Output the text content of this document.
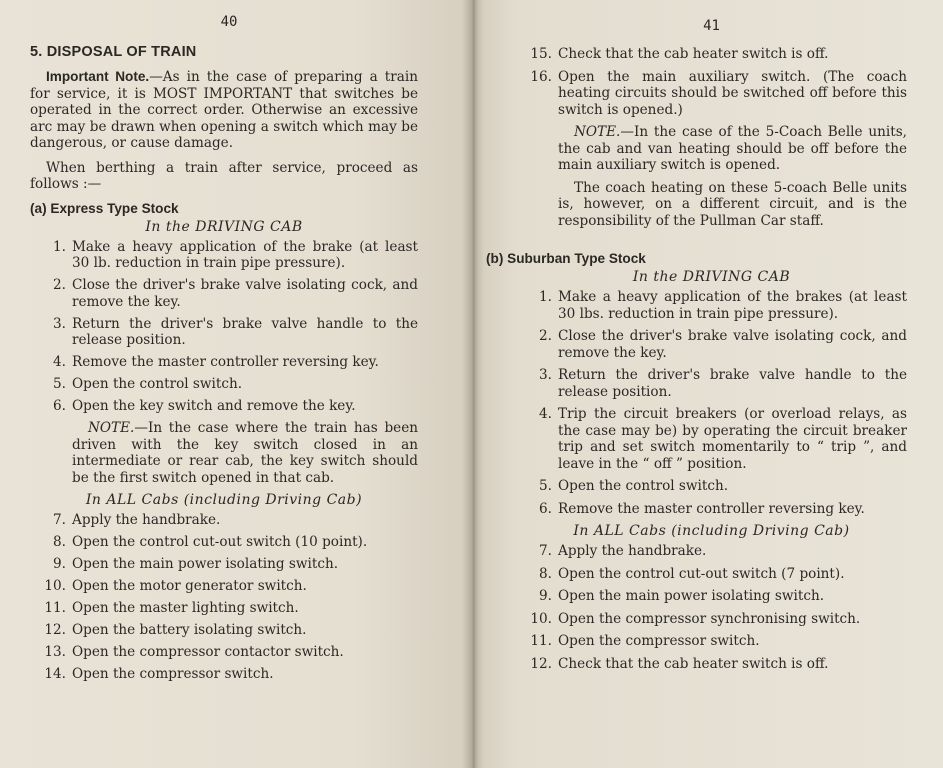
40
5. DISPOSAL OF TRAIN

Important Note.—As in the case of preparing a train for service, it is MOST IMPORTANT that switches be operated in the correct order. Otherwise an excessive arc may be drawn when opening a switch which may be dangerous, or cause damage.

When berthing a train after service, proceed as follows :—

(a) Express Type Stock
In the DRIVING CAB
1. Make a heavy application of the brake (at least 30 lb. reduction in train pipe pressure).
2. Close the driver's brake valve isolating cock, and remove the key.
3. Return the driver's brake valve handle to the release position.
4. Remove the master controller reversing key.
5. Open the control switch.
6. Open the key switch and remove the key.

NOTE.—In the case where the train has been driven with the key switch closed in an intermediate or rear cab, the key switch should be the first switch opened in that cab.

In ALL Cabs (including Driving Cab)
7. Apply the handbrake.
8. Open the control cut-out switch (10 point).
9. Open the main power isolating switch.
10. Open the motor generator switch.
11. Open the master lighting switch.
12. Open the battery isolating switch.
13. Open the compressor contactor switch.
14. Open the compressor switch.
41
15. Check that the cab heater switch is off.
16. Open the main auxiliary switch. (The coach heating circuits should be switched off before this switch is opened.)

NOTE.—In the case of the 5-Coach Belle units, the cab and van heating should be off before the main auxiliary switch is opened.

The coach heating on these 5-coach Belle units is, however, on a different circuit, and is the responsibility of the Pullman Car staff.

(b) Suburban Type Stock
In the DRIVING CAB
1. Make a heavy application of the brakes (at least 30 lbs. reduction in train pipe pressure).
2. Close the driver's brake valve isolating cock, and remove the key.
3. Return the driver's brake valve handle to the release position.
4. Trip the circuit breakers (or overload relays, as the case may be) by operating the circuit breaker trip and set switch momentarily to “ trip ”, and leave in the “ off ” position.
5. Open the control switch.
6. Remove the master controller reversing key.
In ALL Cabs (including Driving Cab)
7. Apply the handbrake.
8. Open the control cut-out switch (7 point).
9. Open the main power isolating switch.
10. Open the compressor synchronising switch.
11. Open the compressor switch.
12. Check that the cab heater switch is off.
